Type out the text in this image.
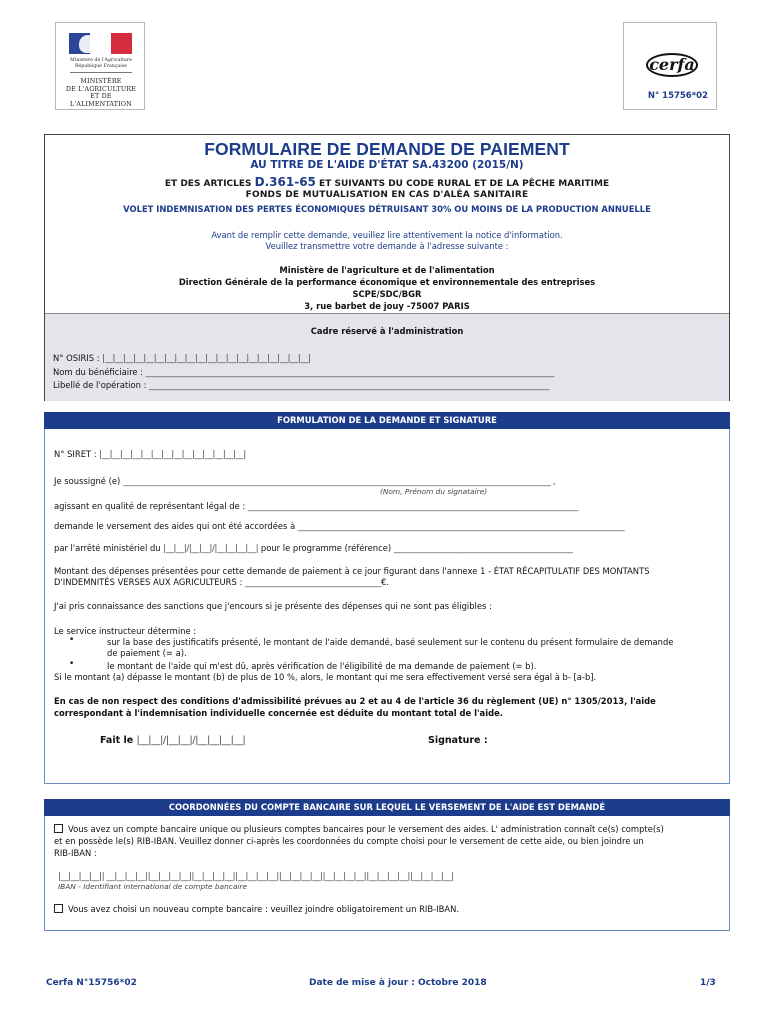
Ministère de l'Agriculture
République Française
MINISTÈRE
DE L'AGRICULTURE
ET DE
L'ALIMENTATION
cerfa
N° 15756*02
FORMULAIRE DE DEMANDE DE PAIEMENT
AU TITRE DE L'AIDE D'ÉTAT SA.43200 (2015/N)
ET DES ARTICLES D.361-65 ET SUIVANTS DU CODE RURAL ET DE LA PÊCHE MARITIME
FONDS DE MUTUALISATION EN CAS D'ALÉA SANITAIRE
VOLET INDEMNISATION DES PERTES ÉCONOMIQUES DÉTRUISANT 30% OU MOINS DE LA PRODUCTION ANNUELLE
Avant de remplir cette demande, veuillez lire attentivement la notice d'information.
Veuillez transmettre votre demande à l'adresse suivante :
Ministère de l'agriculture et de l'alimentation
Direction Générale de la performance économique et environnementale des entreprises
SCPE/SDC/BGR
3, rue barbet de jouy -75007 PARIS
Cadre réservé à l'administration
N° OSIRIS : |__|__|__|__|__|__|__|__|__|__|__|__|__|__|__|__|__|__|__|__|
Nom du bénéficiaire : _________________________________________________________________________________________________________
Libellé de l'opération : _______________________________________________________________________________________________________
FORMULATION DE LA DEMANDE ET SIGNATURE
N° SIRET : |__|__|__|__|__|__|__|__|__|__|__|__|__|__|
Je soussigné (e) ______________________________________________________________________________________________________________ ,
(Nom, Prénom du signataire)
agissant en qualité de représentant légal de : _____________________________________________________________________________________
demande le versement des aides qui ont été accordées à ____________________________________________________________________________________
par l'arrêté ministériel du |__|__|/|__|__|/|__|__|__|__| pour le programme (référence) ______________________________________________
Montant des dépenses présentées pour cette demande de paiement à ce jour figurant dans l'annexe 1 - ÉTAT RÉCAPITULATIF DES MONTANTS
D'INDEMNITÉS VERSES AUX AGRICULTEURS : ___________________________________€.
J'ai pris connaissance des sanctions que j'encours si je présente des dépenses qui ne sont pas éligibles :
Le service instructeur détermine :
•	sur la base des justificatifs présenté, le montant de l'aide demandé, basé seulement sur le contenu du présent formulaire de demande
de paiement (= a).
•	le montant de l'aide qui m'est dû, après vérification de l'éligibilité de ma demande de paiement (= b).
Si le montant (a) dépasse le montant (b) de plus de 10 %, alors, le montant qui me sera effectivement versé sera égal à b- [a-b].
En cas de non respect des conditions d'admissibilité prévues au 2 et au 4 de l'article 36 du règlement (UE) n° 1305/2013, l'aide
correspondant à l'indemnisation individuelle concernée est déduite du montant total de l'aide.
Fait le |__|__|/|__|__|/|__|__|__|__|	Signature :
COORDONNÉES DU COMPTE BANCAIRE SUR LEQUEL LE VERSEMENT DE L'AIDE EST DEMANDÉ
Vous avez un compte bancaire unique ou plusieurs comptes bancaires pour le versement des aides. L' administration connaît ce(s) compte(s)
et en possède le(s) RIB-IBAN. Veuillez donner ci-après les coordonnées du compte choisi pour le versement de cette aide, ou bien joindre un
RIB-IBAN :
|__|__|__|__|| __|__|__|__||__|__|__|__||__|__|__|__||__|__|__|__||__|__|__|__||__|__|__|__||__|__|__|__||__|__|__|__|
IBAN - Identifiant international de compte bancaire
Vous avez choisi un nouveau compte bancaire : veuillez joindre obligatoirement un RIB-IBAN.
Cerfa N°15756*02	Date de mise à jour : Octobre 2018	1/3
